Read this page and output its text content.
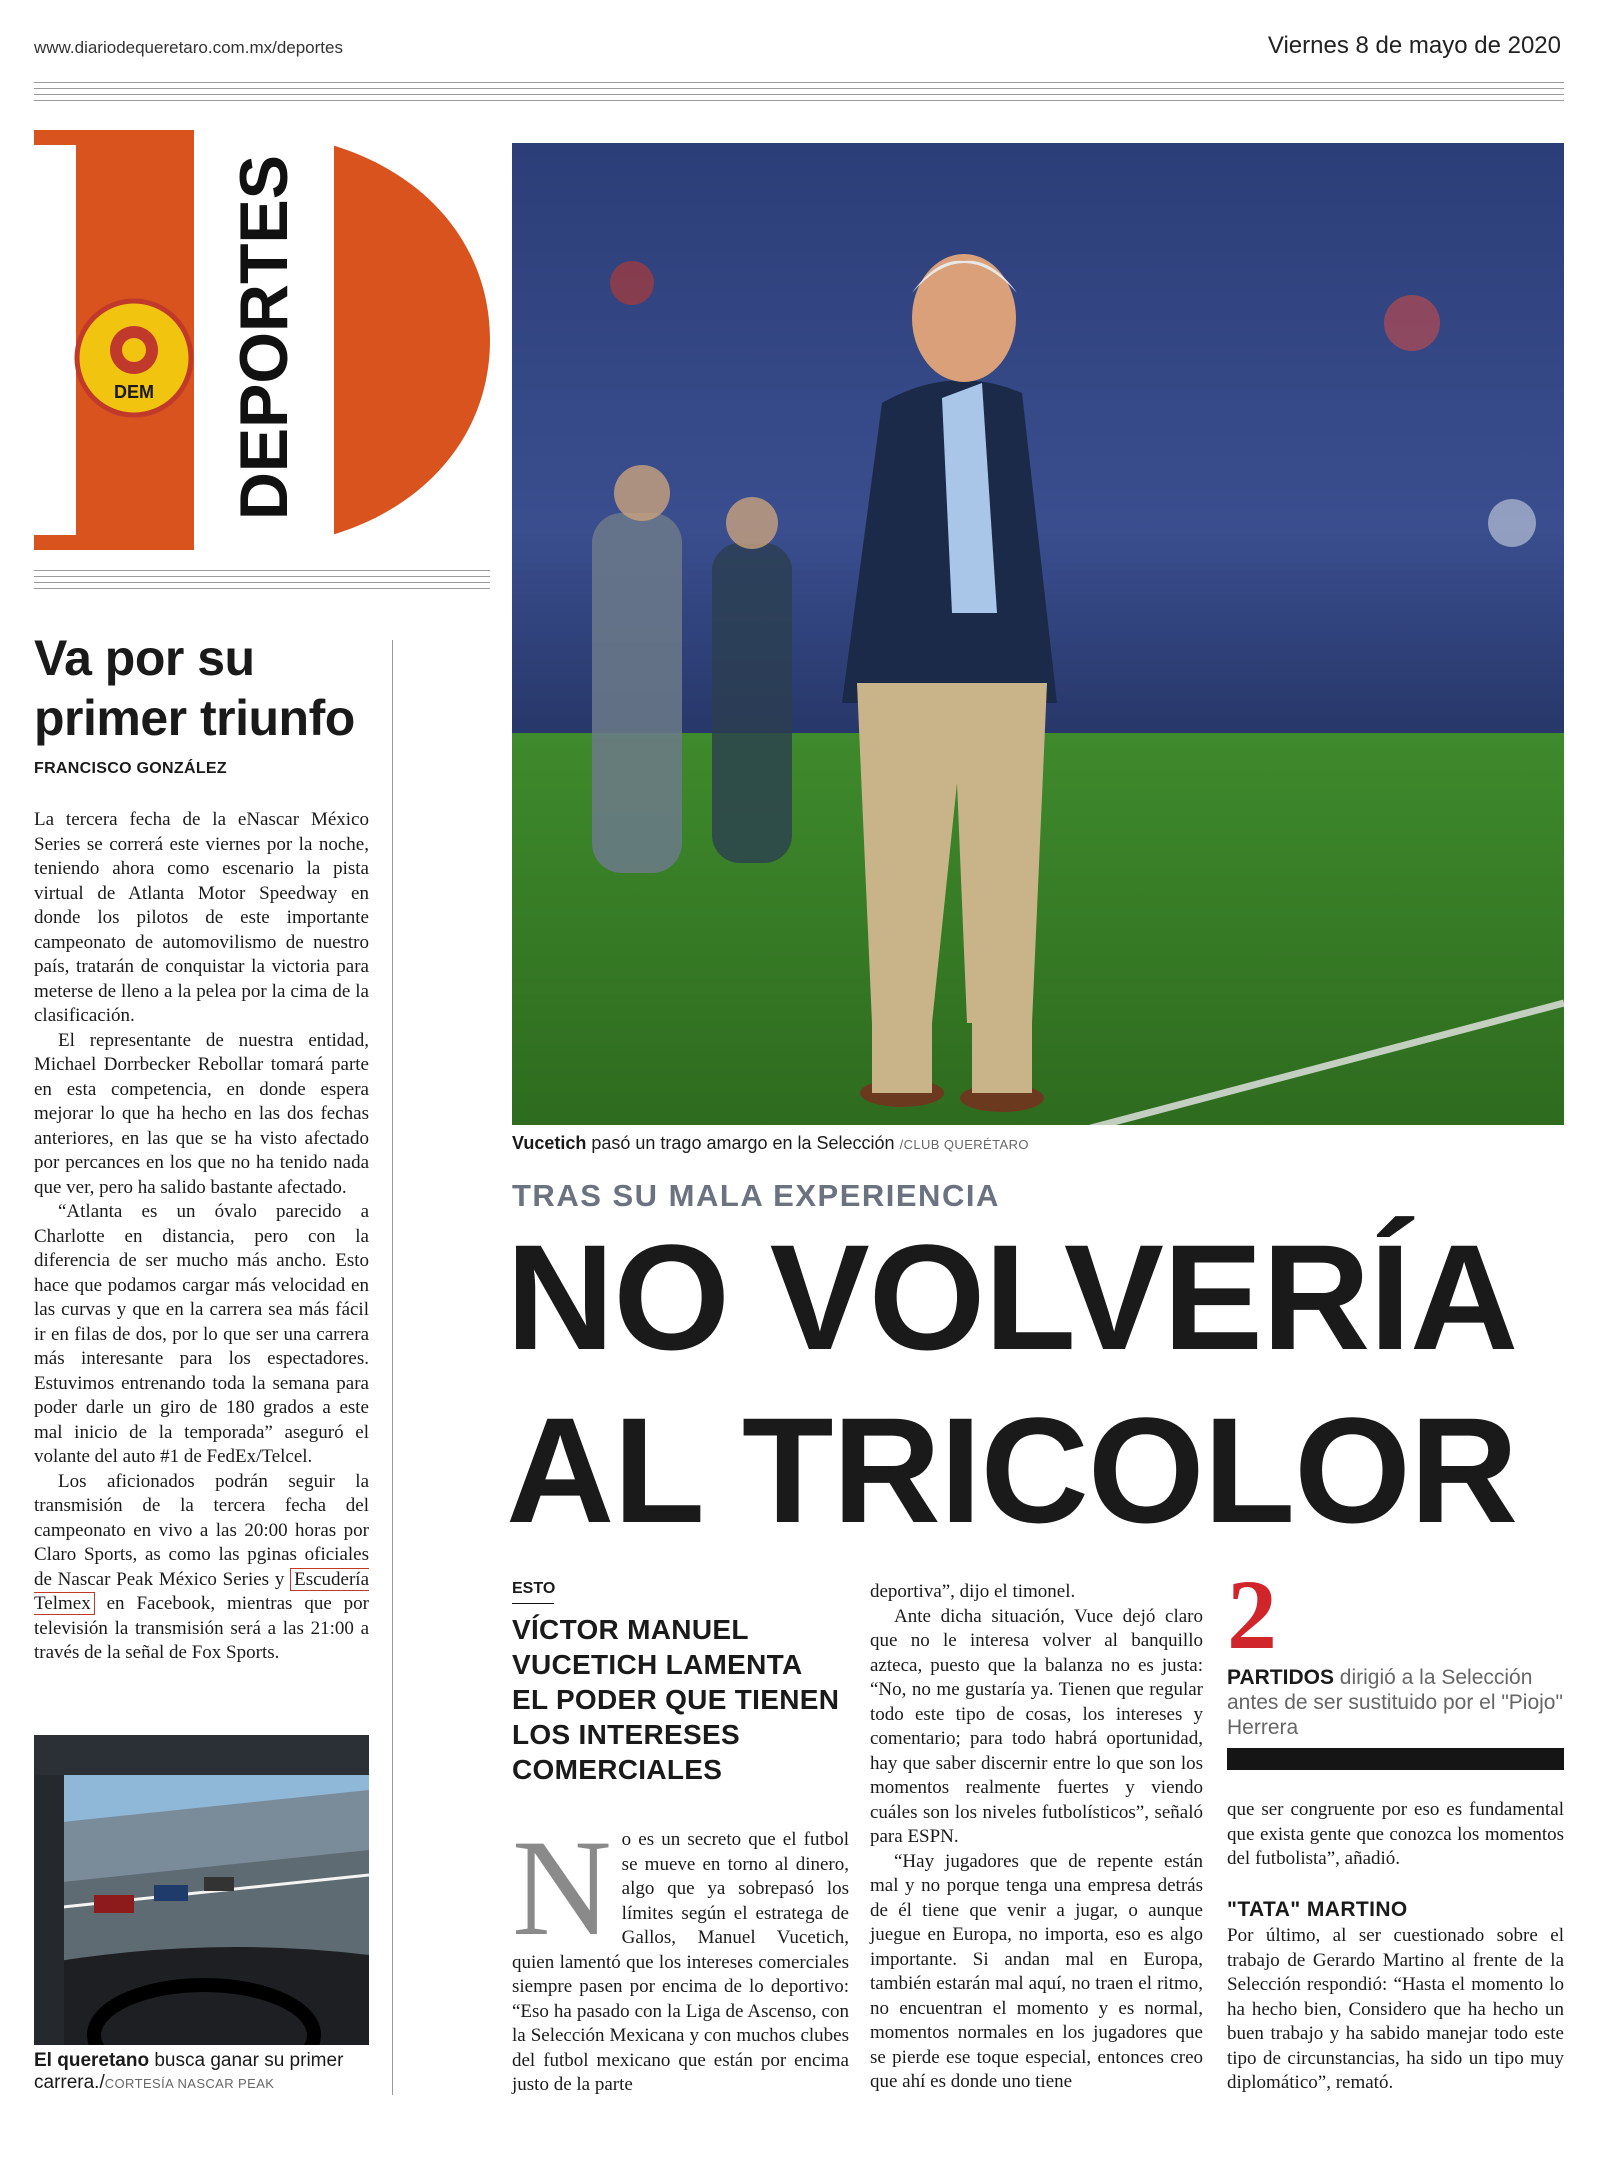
www.diariodequeretaro.com.mx/deportes	Viernes 8 de mayo de 2020
DEM DEPORTES
Va por su primer triunfo
FRANCISCO GONZÁLEZ

La tercera fecha de la eNascar México Series se correrá este viernes por la noche, teniendo ahora como escenario la pista virtual de Atlanta Motor Speedway en donde los pilotos de este importante campeonato de automovilismo de nuestro país, tratarán de conquistar la victoria para meterse de lleno a la pelea por la cima de la clasificación.

El representante de nuestra entidad, Michael Dorrbecker Rebollar tomará parte en esta competencia, en donde espera mejorar lo que ha hecho en las dos fechas anteriores, en las que se ha visto afectado por percances en los que no ha tenido nada que ver, pero ha salido bastante afectado.

“Atlanta es un óvalo parecido a Charlotte en distancia, pero con la diferencia de ser mucho más ancho. Esto hace que podamos cargar más velocidad en las curvas y que en la carrera sea más fácil ir en filas de dos, por lo que ser una carrera más interesante para los espectadores. Estuvimos entrenando toda la semana para poder darle un giro de 180 grados a este mal inicio de la temporada” aseguró el volante del auto #1 de FedEx/Telcel.

Los aficionados podrán seguir la transmisión de la tercera fecha del campeonato en vivo a las 20:00 horas por Claro Sports, as como las pginas oficiales de Nascar Peak México Series y Escudería Telmex en Facebook, mientras que por televisión la transmisión será a las 21:00 a través de la señal de Fox Sports.

El queretano busca ganar su primer carrera./CORTESÍA NASCAR PEAK
Vucetich pasó un trago amargo en la Selección /CLUB QUERÉTARO
TRAS SU MALA EXPERIENCIA
NO VOLVERÍA
AL TRICOLOR
ESTO
VÍCTOR MANUEL VUCETICH LAMENTA EL PODER QUE TIENEN LOS INTERESES COMERCIALES
No es un secreto que el futbol se mueve en torno al dinero, algo que ya sobrepasó los límites según el estratega de Gallos, Manuel Vucetich, quien lamentó que los intereses comerciales siempre pasen por encima de lo deportivo: “Eso ha pasado con la Liga de Ascenso, con la Selección Mexicana y con muchos clubes del futbol mexicano que están por encima justo de la parte

deportiva”, dijo el timonel.

Ante dicha situación, Vuce dejó claro que no le interesa volver al banquillo azteca, puesto que la balanza no es justa: “No, no me gustaría ya. Tienen que regular todo este tipo de cosas, los intereses y comentario; para todo habrá oportunidad, hay que saber discernir entre lo que son los momentos realmente fuertes y viendo cuáles son los niveles futbolísticos”, señaló para ESPN.

“Hay jugadores que de repente están mal y no porque tenga una empresa detrás de él tiene que venir a jugar, o aunque juegue en Europa, no importa, eso es algo importante. Si andan mal en Europa, también estarán mal aquí, no traen el ritmo, no encuentran el momento y es normal, momentos normales en los jugadores que se pierde ese toque especial, entonces creo que ahí es donde uno tiene

2
PARTIDOS dirigió a la Selección antes de ser sustituido por el "Piojo" Herrera
que ser congruente por eso es fundamental que exista gente que conozca los momentos del futbolista”, añadió.
"TATA" MARTINO
Por último, al ser cuestionado sobre el trabajo de Gerardo Martino al frente de la Selección respondió: “Hasta el momento lo ha hecho bien, Considero que ha hecho un buen trabajo y ha sabido manejar todo este tipo de circunstancias, ha sido un tipo muy diplomático”, remató.
